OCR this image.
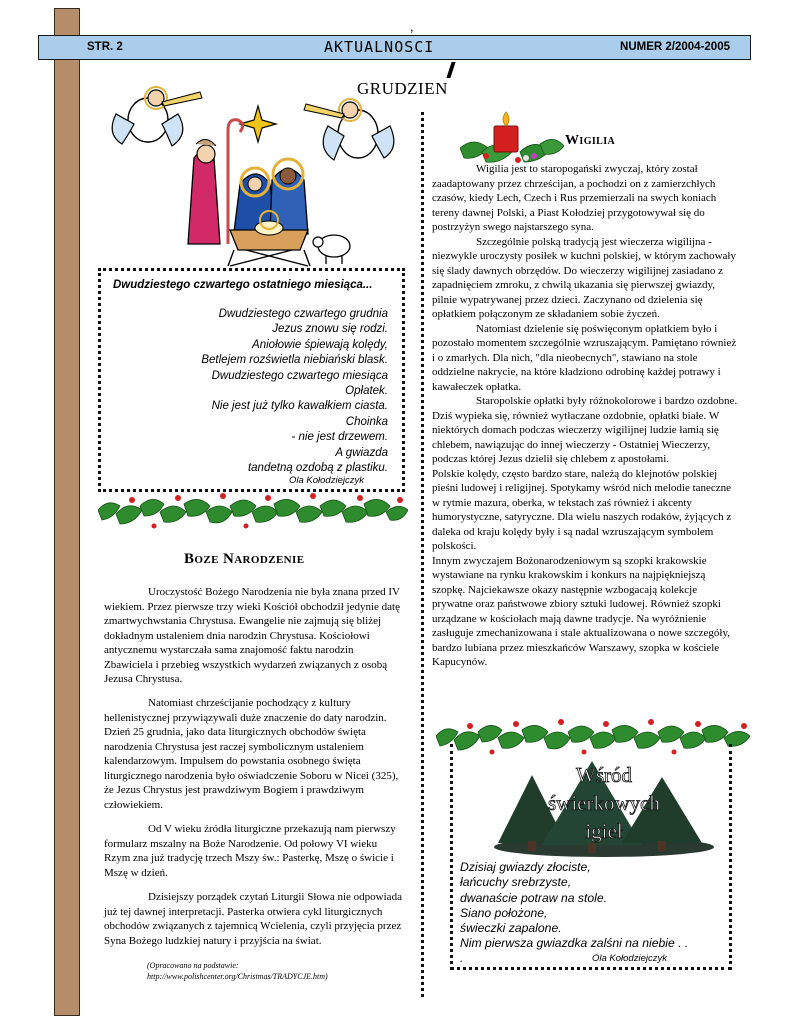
STR. 2	AKTUALNOSCI	NUMER 2/2004-2005
,
GRUDZIEN
Dwudziestego czwartego ostatniego miesiąca...
Dwudziestego czwartego grudnia
Jezus znowu się rodzi.
Aniołowie śpiewają kolędy,
Betlejem rozświetla niebiański blask.
Dwudziestego czwartego miesiąca
Opłatek.
Nie jest już tylko kawałkiem ciasta.
Choinka
- nie jest drzewem.
A gwiazda
tandetną ozdobą z plastiku.
Ola Kołodziejczyk
Boze Narodzenie
Uroczystość Bożego Narodzenia nie była znana przed IV wiekiem. Przez pierwsze trzy wieki Kościół obchodził jedynie datę zmartwychwstania Chrystusa. Ewangelie nie zajmują się bliżej dokładnym ustaleniem dnia narodzin Chrystusa. Kościołowi antycznemu wystarczała sama znajomość faktu narodzin Zbawiciela i przebieg wszystkich wydarzeń związanych z osobą Jezusa Chrystusa.
Natomiast chrześcijanie pochodzący z kultury hellenistycznej przywiązywali duże znaczenie do daty narodzin. Dzień 25 grudnia, jako data liturgicznych obchodów święta narodzenia Chrystusa jest raczej symbolicznym ustaleniem kalendarzowym. Impulsem do powstania osobnego święta liturgicznego narodzenia było oświadczenie Soboru w Nicei (325), że Jezus Chrystus jest prawdziwym Bogiem i prawdziwym człowiekiem.
Od V wieku źródła liturgiczne przekazują nam pierwszy formularz mszalny na Boże Narodzenie. Od połowy VI wieku Rzym zna już tradycję trzech Mszy św.: Pasterkę, Mszę o świcie i Mszę w dzień.
Dzisiejszy porządek czytań Liturgii Słowa nie odpowiada już tej dawnej interpretacji. Pasterka otwiera cykl liturgicznych obchodów związanych z tajemnicą Wcielenia, czyli przyjęcia przez Syna Bożego ludzkiej natury i przyjścia na świat.
(Opracowano na podstawie:
http://www.polishcenter.org/Christmas/TRADYCJE.htm)
Wigilia
Wigilia jest to staropogański zwyczaj, który został zaadaptowany przez chrześcijan, a pochodzi on z zamierzchłych czasów, kiedy Lech, Czech i Rus przemierzali na swych koniach tereny dawnej Polski, a Piast Kołodziej przygotowywał się do postrzyżyn swego najstarszego syna.
Szczególnie polską tradycją jest wieczerza wigilijna - niezwykle uroczysty posiłek w kuchni polskiej, w którym zachowały się ślady dawnych obrzędów. Do wieczerzy wigilijnej zasiadano z zapadnięciem zmroku, z chwilą ukazania się pierwszej gwiazdy, pilnie wypatrywanej przez dzieci. Zaczynano od dzielenia się opłatkiem połączonym ze składaniem sobie życzeń.
Natomiast dzielenie się poświęconym opłatkiem było i pozostało momentem szczególnie wzruszającym. Pamiętano również i o zmarłych. Dla nich, "dla nieobecnych", stawiano na stole oddzielne nakrycie, na które kładziono odrobinę każdej potrawy i kawałeczek opłatka.
Staropolskie opłatki były różnokolorowe i bardzo ozdobne. Dziś wypieka się, również wytłaczane ozdobnie, opłatki białe. W niektórych domach podczas wieczerzy wigilijnej ludzie łamią się chlebem, nawiązując do innej wieczerzy - Ostatniej Wieczerzy, podczas której Jezus dzielił się chlebem z apostołami.
Polskie kolędy, często bardzo stare, należą do klejnotów polskiej pieśni ludowej i religijnej. Spotykamy wśród nich melodie taneczne w rytmie mazura, oberka, w tekstach zaś również i akcenty humorystyczne, satyryczne. Dla wielu naszych rodaków, żyjących z daleka od kraju kolędy były i są nadal wzruszającym symbolem polskości.
Innym zwyczajem Bożonarodzeniowym są szopki krakowskie wystawiane na rynku krakowskim i konkurs na najpiękniejszą szopkę. Najciekawsze okazy następnie wzbogacają kolekcje prywatne oraz państwowe zbiory sztuki ludowej. Również szopki urządzane w kościołach mają dawne tradycje. Na wyróżnienie zasługuje zmechanizowana i stale aktualizowana o nowe szczegóły, bardzo lubiana przez mieszkańców Warszawy, szopka w kościele Kapucynów.
Wśród
świerkowych
igieł
Dzisiaj gwiazdy złociste,
łańcuchy srebrzyste,
dwanaście potraw na stole.
Siano położone,
świeczki zapalone.
Nim pierwsza gwiazdka zalśni na niebie . .
.	Ola Kołodziejczyk
